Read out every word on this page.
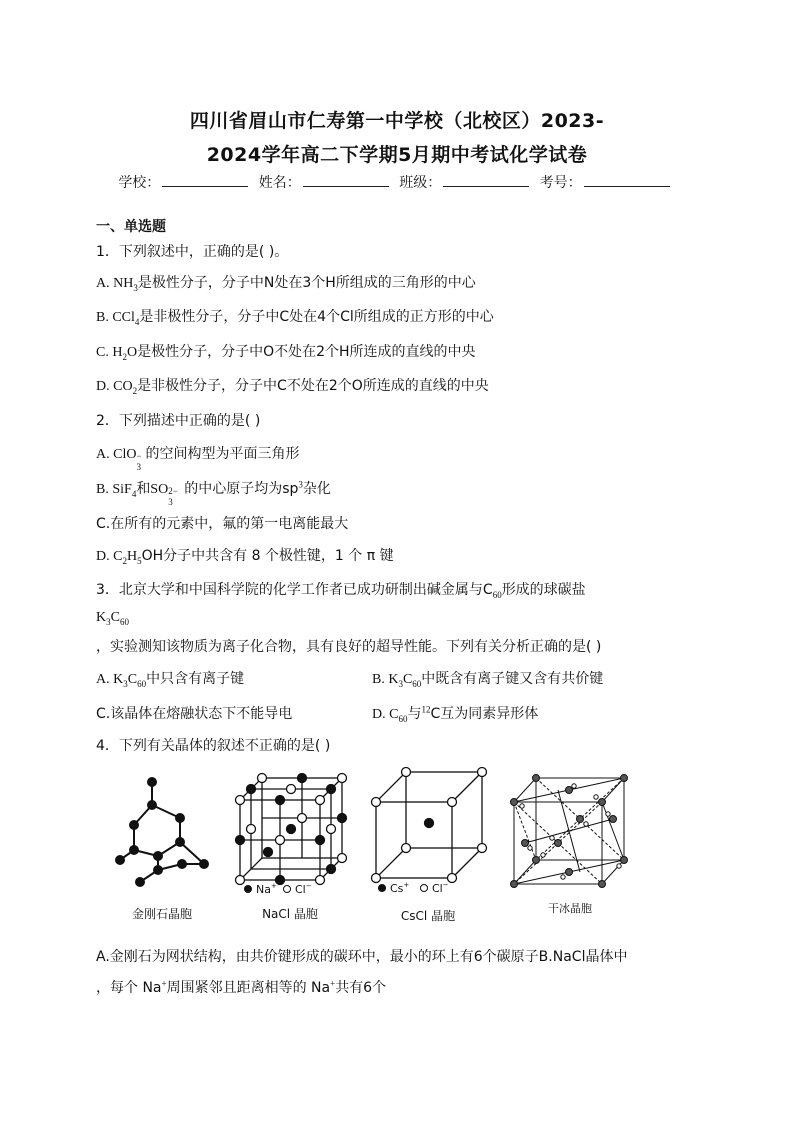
四川省眉山市仁寿第一中学校（北校区）2023-
2024学年高二下学期5月期中考试化学试卷
学校：	姓名：	班级：	考号：
一、单选题
1．下列叙述中，正确的是( )。
A. $NH_3$是极性分子，分子中N处在3个H所组成的三角形的中心
B. CCl$_4$是非极性分子，分子中C处在4个Cl所组成的正方形的中心
C. $H_2O$是极性分子，分子中O不处在2个H所连成的直线的中央
D. $CO_2$是非极性分子，分子中C不处在2个O所连成的直线的中央
2．下列描述中正确的是( )
A. ClO −
3
的空间构型为平面三角形
B. SiF$_4$和SO 2−
3
的中心原子均为$sp^3$杂化
C.在所有的元素中，氟的第一电离能最大
D. $C_2H_5OH$分子中共含有 8 个极性键，1 个 π 键
3．北京大学和中国科学院的化学工作者已成功研制出碱金属与$C_{60}$形成的球碳盐
$K_3C_{60}$
，实验测知该物质为离子化合物，具有良好的超导性能。下列有关分析正确的是( )
A. $K_3C_{60}$中只含有离子键	B. $K_3C_{60}$中既含有离子键又含有共价键
C.该晶体在熔融状态下不能导电	D. $C_{60}$与$^{12}$C互为同素异形体
4．下列有关晶体的叙述不正确的是( )
金刚石晶胞
Na+ Cl−
NaCl 晶胞
Cs+ Cl−
CsCl 晶胞
干冰晶胞
A.金刚石为网状结构，由共价键形成的碳环中，最小的环上有6个碳原子B.NaCl晶体中
，每个 Na+周围紧邻且距离相等的 Na+共有6个
